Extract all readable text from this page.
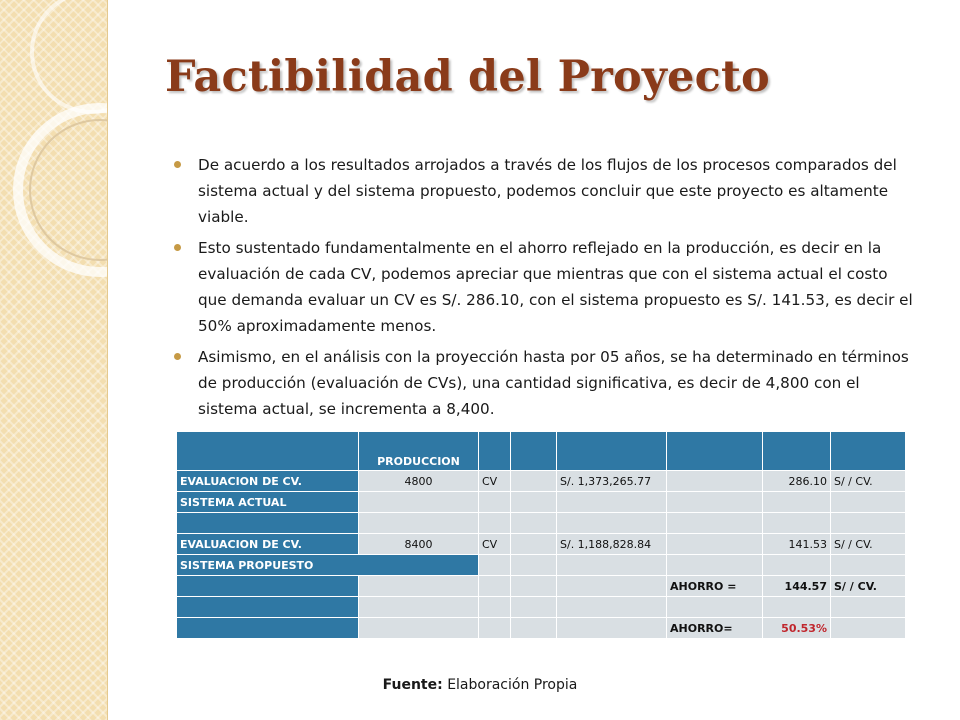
Factibilidad del Proyecto
De acuerdo a los resultados arrojados a través de los flujos de los procesos comparados del sistema actual y del sistema propuesto, podemos concluir que este proyecto es altamente viable.
Esto sustentado fundamentalmente en el ahorro reflejado en la producción, es decir en la evaluación de cada CV, podemos apreciar que mientras que con el sistema actual el costo que demanda evaluar un CV es S/. 286.10, con el sistema propuesto es S/. 141.53, es decir el 50% aproximadamente menos.
Asimismo, en el análisis con la proyección hasta por 05 años, se ha determinado en términos de producción (evaluación de CVs), una cantidad significativa, es decir de 4,800 con el sistema actual, se incrementa a 8,400.
	PRODUCCION						
EVALUACION DE CV.	4800	CV		S/. 1,373,265.77		286.10	S/ / CV.
SISTEMA ACTUAL							

EVALUACION DE CV.	8400	CV		S/. 1,188,828.84		141.53	S/ / CV.
SISTEMA PROPUESTO							
					AHORRO =	144.57	S/ / CV.

					AHORRO=	50.53%	
Fuente: Elaboración Propia
